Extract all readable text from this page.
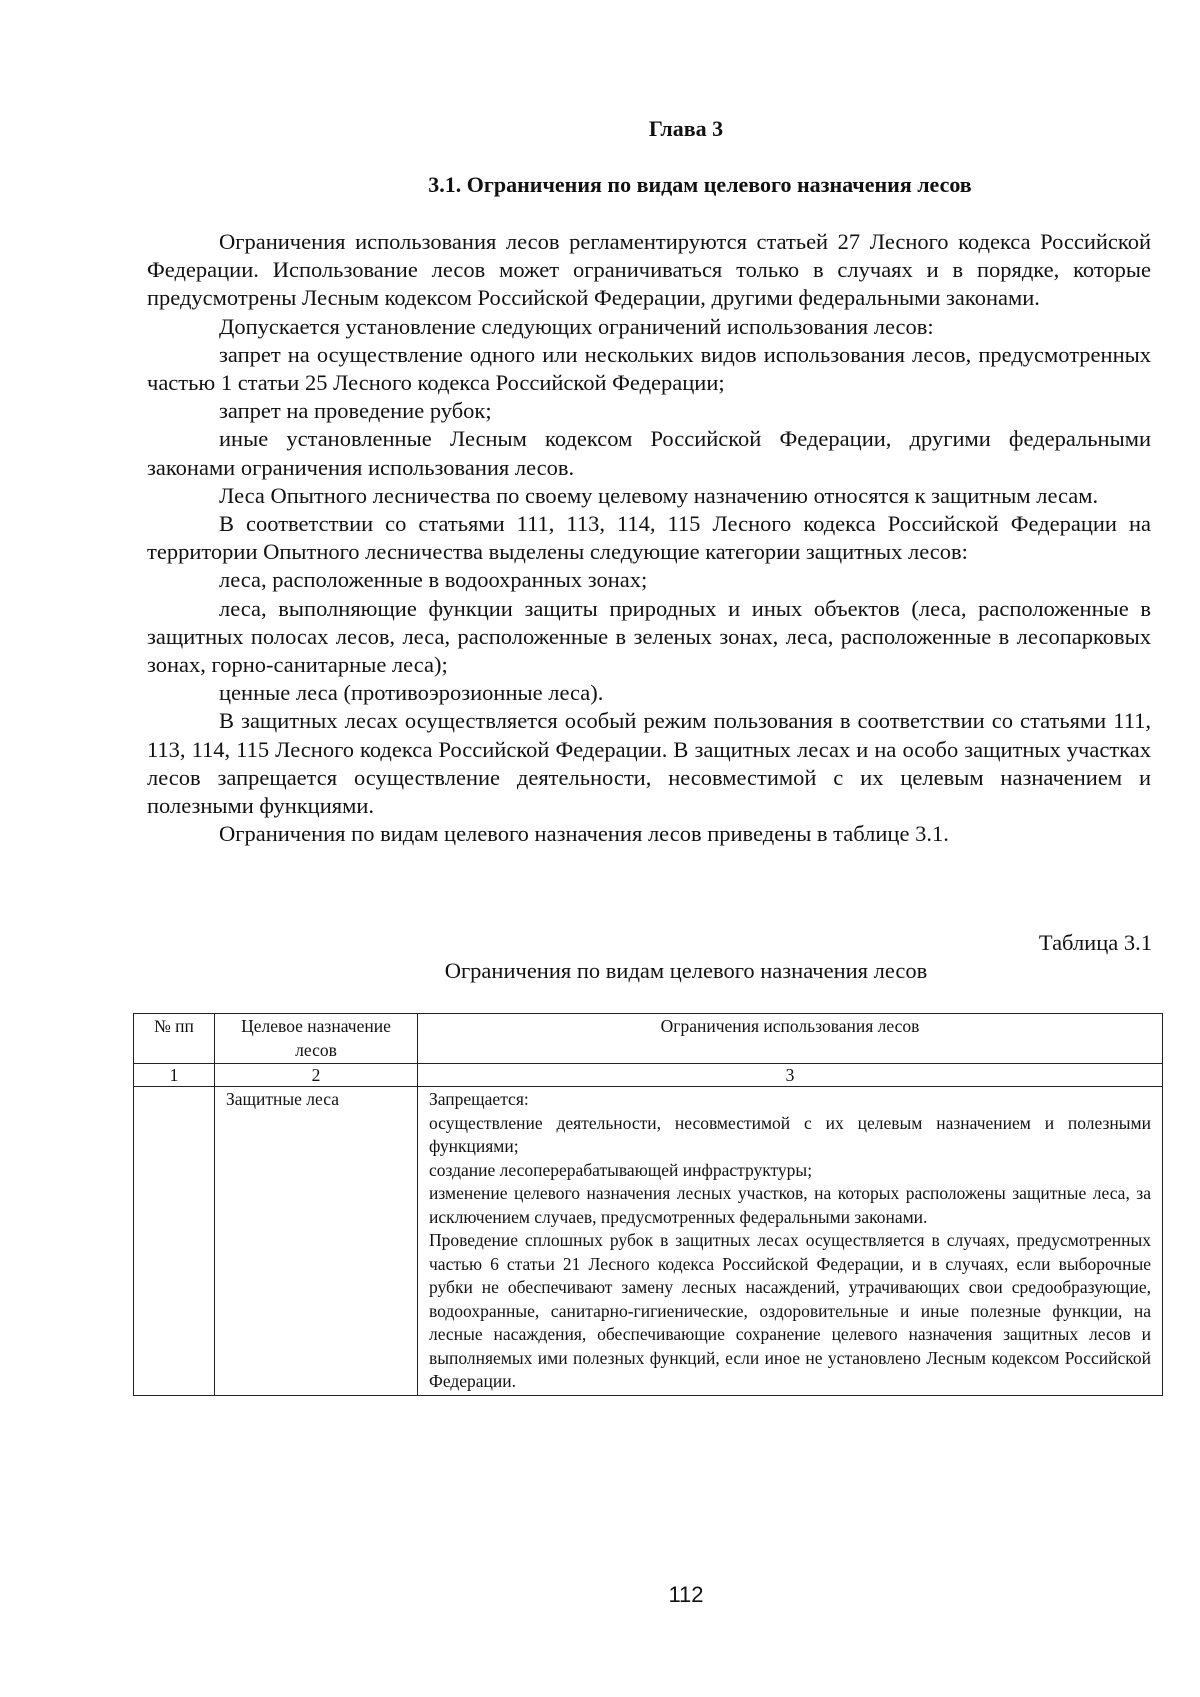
Глава 3
3.1. Ограничения по видам целевого назначения лесов

Ограничения использования лесов регламентируются статьей 27 Лесного кодекса Российской Федерации. Использование лесов может ограничиваться только в случаях и в порядке, которые предусмотрены Лесным кодексом Российской Федерации, другими федеральными законами.

Допускается установление следующих ограничений использования лесов:

запрет на осуществление одного или нескольких видов использования лесов, предусмотренных частью 1 статьи 25 Лесного кодекса Российской Федерации;

запрет на проведение рубок;

иные установленные Лесным кодексом Российской Федерации, другими федеральными законами ограничения использования лесов.

Леса Опытного лесничества по своему целевому назначению относятся к защитным лесам.

В соответствии со статьями 111, 113, 114, 115 Лесного кодекса Российской Федерации на территории Опытного лесничества выделены следующие категории защитных лесов:

леса, расположенные в водоохранных зонах;

леса, выполняющие функции защиты природных и иных объектов (леса, расположенные в защитных полосах лесов, леса, расположенные в зеленых зонах, леса, расположенные в лесопарковых зонах, горно-санитарные леса);

ценные леса (противоэрозионные леса).

В защитных лесах осуществляется особый режим пользования в соответствии со статьями 111, 113, 114, 115 Лесного кодекса Российской Федерации. В защитных лесах и на особо защитных участках лесов запрещается осуществление деятельности, несовместимой с их целевым назначением и полезными функциями.

Ограничения по видам целевого назначения лесов приведены в таблице 3.1.

Таблица 3.1

Ограничения по видам целевого назначения лесов

№ пп	Целевое назначение лесов	Ограничения использования лесов
1	2	3
	Защитные леса	Запрещается:
осуществление деятельности, несовместимой с их целевым назначением и полезными функциями;
создание лесоперерабатывающей инфраструктуры;
изменение целевого назначения лесных участков, на которых расположены защитные леса, за исключением случаев, предусмотренных федеральными законами.
Проведение сплошных рубок в защитных лесах осуществляется в случаях, предусмотренных частью 6 статьи 21 Лесного кодекса Российской Федерации, и в случаях, если выборочные рубки не обеспечивают замену лесных насаждений, утрачивающих свои средообразующие, водоохранные, санитарно-гигиенические, оздоровительные и иные полезные функции, на лесные насаждения, обеспечивающие сохранение целевого назначения защитных лесов и выполняемых ими полезных функций, если иное не установлено Лесным кодексом Российской Федерации.

112
